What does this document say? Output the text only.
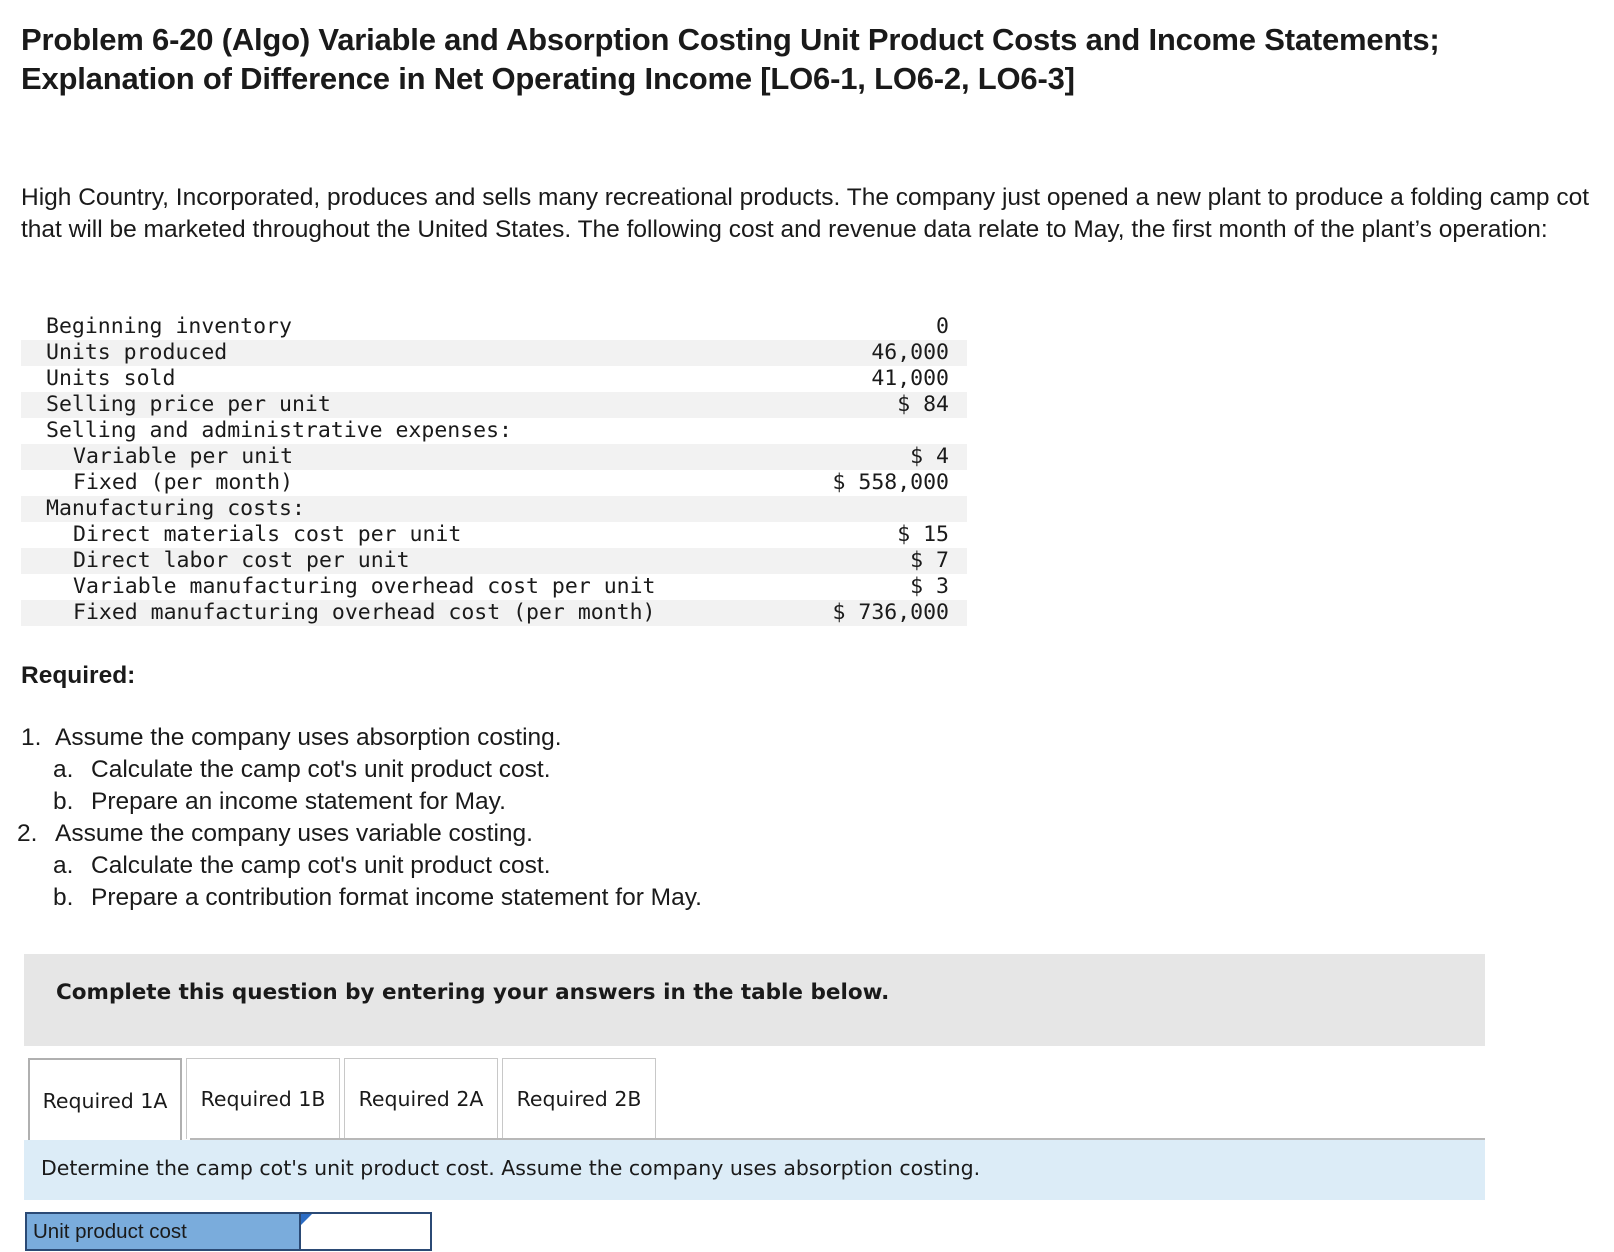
Problem 6-20 (Algo) Variable and Absorption Costing Unit Product Costs and Income Statements; Explanation of Difference in Net Operating Income [LO6-1, LO6-2, LO6-3]

High Country, Incorporated, produces and sells many recreational products. The company just opened a new plant to produce a folding camp cot that will be marketed throughout the United States. The following cost and revenue data relate to May, the first month of the plant’s operation:

Beginning inventory	0
Units produced	46,000
Units sold	41,000
Selling price per unit	$ 84
Selling and administrative expenses:
Variable per unit	$ 4
Fixed (per month)	$ 558,000
Manufacturing costs:
Direct materials cost per unit	$ 15
Direct labor cost per unit	$ 7
Variable manufacturing overhead cost per unit	$ 3
Fixed manufacturing overhead cost (per month)	$ 736,000
Required:
1. Assume the company uses absorption costing.
a. Calculate the camp cot's unit product cost.
b. Prepare an income statement for May.
2. Assume the company uses variable costing.
a. Calculate the camp cot's unit product cost.
b. Prepare a contribution format income statement for May.

Complete this question by entering your answers in the table below.

Required 1A	Required 1B	Required 2A	Required 2B

Determine the camp cot's unit product cost. Assume the company uses absorption costing.

Unit product cost
